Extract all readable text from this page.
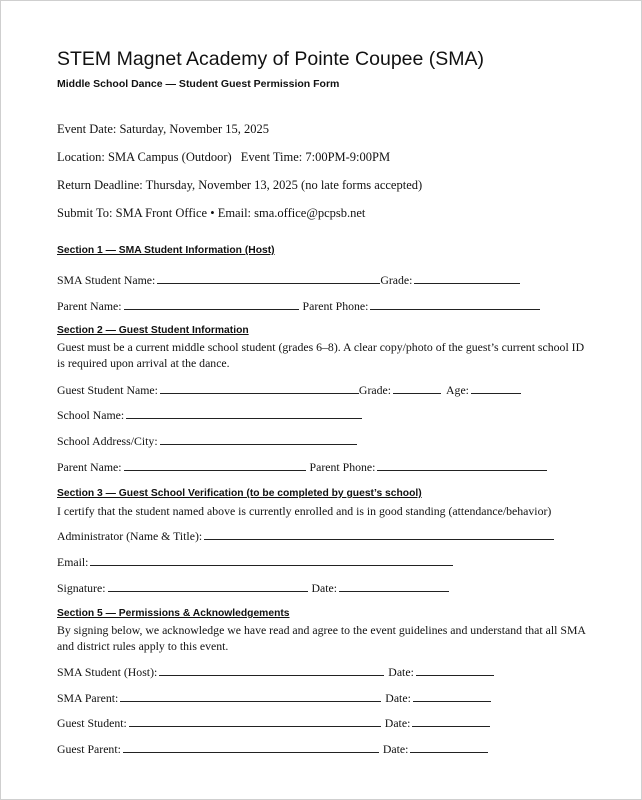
STEM Magnet Academy of Pointe Coupee (SMA)
Middle School Dance — Student Guest Permission Form
Event Date: Saturday, November 15, 2025
Location: SMA Campus (Outdoor) Event Time: 7:00PM-9:00PM
Return Deadline: Thursday, November 13, 2025 (no late forms accepted)
Submit To: SMA Front Office • Email: sma.office@pcpsb.net
Section 1 — SMA Student Information (Host)
SMA Student Name:	Grade:
Parent Name:	Parent Phone:
Section 2 — Guest Student Information
Guest must be a current middle school student (grades 6–8). A clear copy/photo of the guest’s current school ID is required upon arrival at the dance.
Guest Student Name:	Grade:	Age:
School Name:
School Address/City:
Parent Name:	Parent Phone:
Section 3 — Guest School Verification (to be completed by guest’s school)
I certify that the student named above is currently enrolled and is in good standing (attendance/behavior)
Administrator (Name & Title):
Email:
Signature:	Date:
Section 5 — Permissions & Acknowledgements
By signing below, we acknowledge we have read and agree to the event guidelines and understand that all SMA and district rules apply to this event.
SMA Student (Host):	Date:
SMA Parent:	Date:
Guest Student:	Date:
Guest Parent:	Date:
